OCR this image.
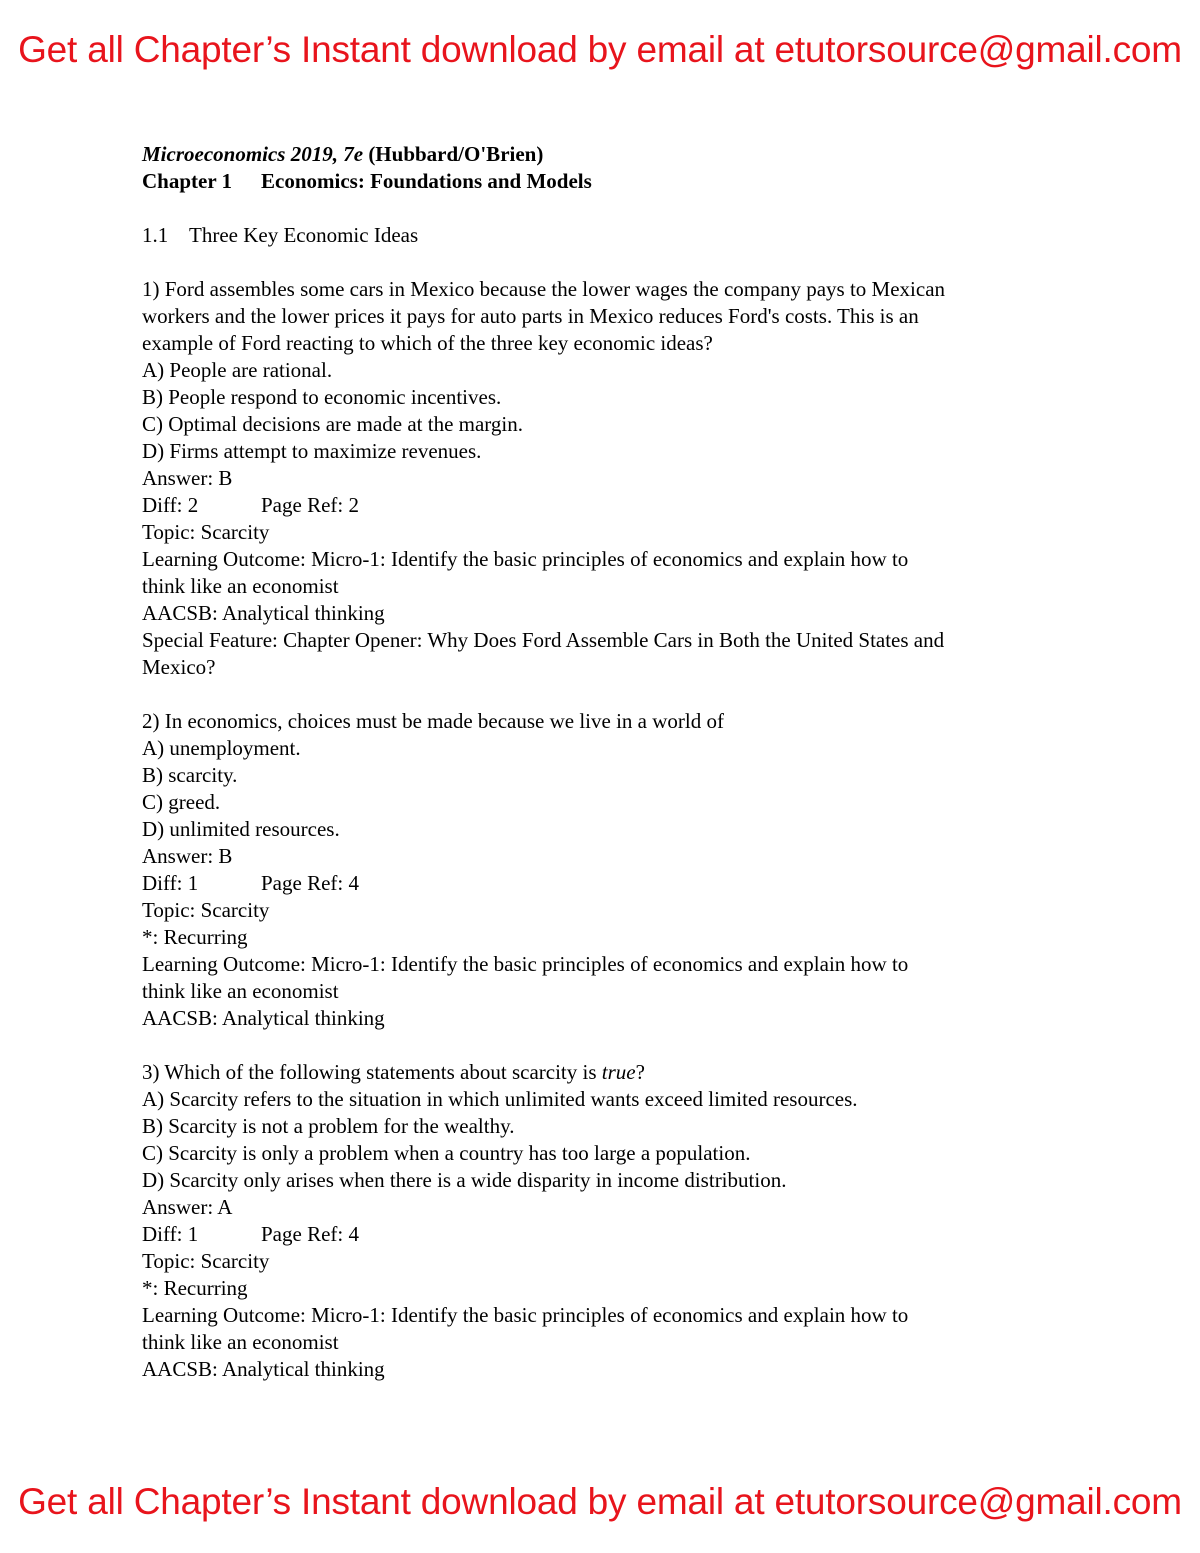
Get all Chapter’s Instant download by email at etutorsource@gmail.com
Microeconomics 2019, 7e (Hubbard/O'Brien)
Chapter 1 Economics: Foundations and Models
1.1 Three Key Economic Ideas
1) Ford assembles some cars in Mexico because the lower wages the company pays to Mexican
workers and the lower prices it pays for auto parts in Mexico reduces Ford's costs. This is an
example of Ford reacting to which of the three key economic ideas?
A) People are rational.
B) People respond to economic incentives.
C) Optimal decisions are made at the margin.
D) Firms attempt to maximize revenues.
Answer: B
Diff: 2	Page Ref: 2
Topic: Scarcity
Learning Outcome: Micro-1: Identify the basic principles of economics and explain how to
think like an economist
AACSB: Analytical thinking
Special Feature: Chapter Opener: Why Does Ford Assemble Cars in Both the United States and
Mexico?
2) In economics, choices must be made because we live in a world of
A) unemployment.
B) scarcity.
C) greed.
D) unlimited resources.
Answer: B
Diff: 1	Page Ref: 4
Topic: Scarcity
*: Recurring
Learning Outcome: Micro-1: Identify the basic principles of economics and explain how to
think like an economist
AACSB: Analytical thinking
3) Which of the following statements about scarcity is true?
A) Scarcity refers to the situation in which unlimited wants exceed limited resources.
B) Scarcity is not a problem for the wealthy.
C) Scarcity is only a problem when a country has too large a population.
D) Scarcity only arises when there is a wide disparity in income distribution.
Answer: A
Diff: 1	Page Ref: 4
Topic: Scarcity
*: Recurring
Learning Outcome: Micro-1: Identify the basic principles of economics and explain how to
think like an economist
AACSB: Analytical thinking
Get all Chapter’s Instant download by email at etutorsource@gmail.com
